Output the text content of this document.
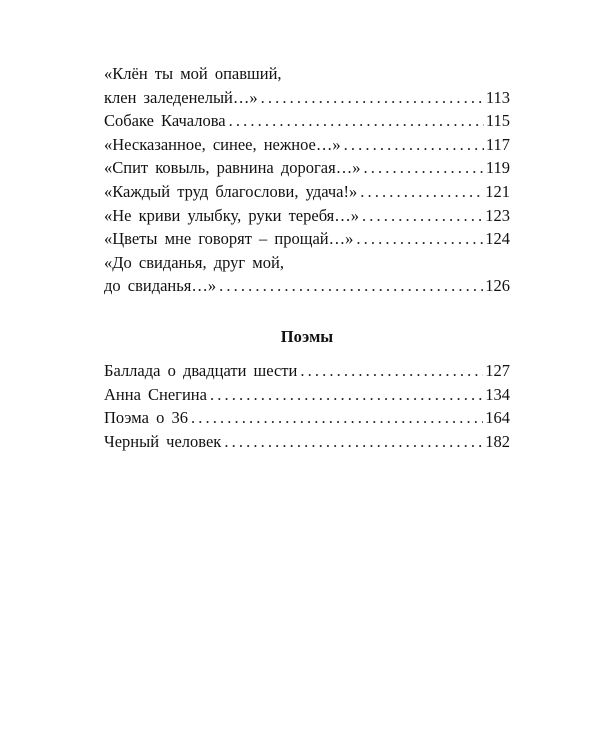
«Клён ты мой опавший,
клен заледенелый…» . . .	113
Собаке Качалова . . .	115
«Несказанное, синее, нежное…» . . .	117
«Спит ковыль, равнина дорогая…» . . .	119
«Каждый труд благослови, удача!» . . .	121
«Не криви улыбку, руки теребя…» . . .	123
«Цветы мне говорят – прощай…» . . .	124
«До свиданья, друг мой,
до свиданья…» . . .	126
Поэмы
Баллада о двадцати шести . . .	127
Анна Снегина . . .	134
Поэма о 36 . . .	164
Черный человек . . .	182
